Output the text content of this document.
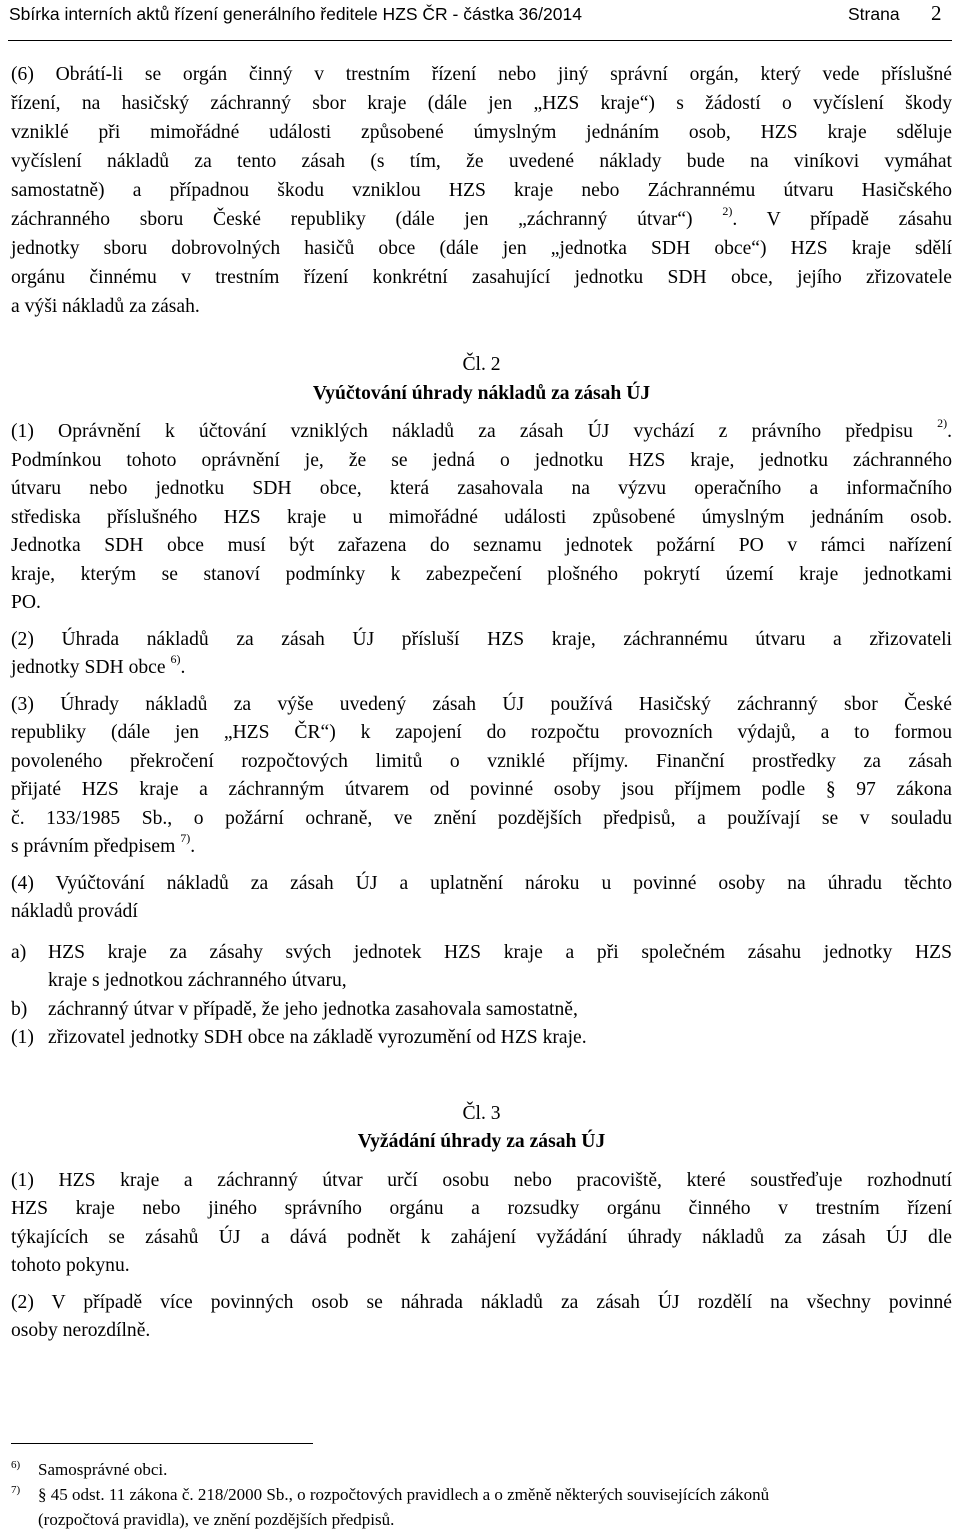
Sbírka interních aktů řízení generálního ředitele HZS ČR - částka 36/2014	Strana 2
(6) Obrátí-li se orgán činný v trestním řízení nebo jiný správní orgán, který vede příslušné
řízení, na hasičský záchranný sbor kraje (dále jen „HZS kraje“) s žádostí o vyčíslení škody
vzniklé při mimořádné události způsobené úmyslným jednáním osob, HZS kraje sděluje
vyčíslení nákladů za tento zásah (s tím, že uvedené náklady bude na viníkovi vymáhat
samostatně) a případnou škodu vzniklou HZS kraje nebo Záchrannému útvaru Hasičského
záchranného sboru České republiky (dále jen „záchranný útvar“) $^{2)}$. V případě zásahu
jednotky sboru dobrovolných hasičů obce (dále jen „jednotka SDH obce“) HZS kraje sdělí
orgánu činnému v trestním řízení konkrétní zasahující jednotku SDH obce, jejího zřizovatele
a výši nákladů za zásah.

Čl. 2

Vyúčtování úhrady nákladů za zásah ÚJ

(1) Oprávnění k účtování vzniklých nákladů za zásah ÚJ vychází z právního předpisu $^{2)}$.
Podmínkou tohoto oprávnění je, že se jedná o jednotku HZS kraje, jednotku záchranného
útvaru nebo jednotku SDH obce, která zasahovala na výzvu operačního a informačního
střediska příslušného HZS kraje u mimořádné události způsobené úmyslným jednáním osob.
Jednotka SDH obce musí být zařazena do seznamu jednotek požární PO v rámci nařízení
kraje, kterým se stanoví podmínky k zabezpečení plošného pokrytí území kraje jednotkami
PO.
(2) Úhrada nákladů za zásah ÚJ přísluší HZS kraje, záchrannému útvaru a zřizovateli
jednotky SDH obce $^{6)}$.
(3) Úhrady nákladů za výše uvedený zásah ÚJ používá Hasičský záchranný sbor České
republiky (dále jen „HZS ČR“) k zapojení do rozpočtu provozních výdajů, a to formou
povoleného překročení rozpočtových limitů o vzniklé příjmy. Finanční prostředky za zásah
přijaté HZS kraje a záchranným útvarem od povinné osoby jsou příjmem podle § 97 zákona
č. 133/1985 Sb., o požární ochraně, ve znění pozdějších předpisů, a používají se v souladu
s právním předpisem $^{7)}$.
(4) Vyúčtování nákladů za zásah ÚJ a uplatnění nároku u povinné osoby na úhradu těchto
nákladů provádí
a) HZS kraje za zásahy svých jednotek HZS kraje a při společném zásahu jednotky HZS
kraje s jednotkou záchranného útvaru,
b) záchranný útvar v případě, že jeho jednotka zasahovala samostatně,
(1) zřizovatel jednotky SDH obce na základě vyrozumění od HZS kraje.

Čl. 3

Vyžádání úhrady za zásah ÚJ

(1) HZS kraje a záchranný útvar určí osobu nebo pracoviště, které soustřeďuje rozhodnutí
HZS kraje nebo jiného správního orgánu a rozsudky orgánu činného v trestním řízení
týkajících se zásahů ÚJ a dává podnět k zahájení vyžádání úhrady nákladů za zásah ÚJ dle
tohoto pokynu.
(2) V případě více povinných osob se náhrada nákladů za zásah ÚJ rozdělí na všechny povinné
osoby nerozdílně.
6) Samosprávné obci.
7) § 45 odst. 11 zákona č. 218/2000 Sb., o rozpočtových pravidlech a o změně některých souvisejících zákonů
(rozpočtová pravidla), ve znění pozdějších předpisů.
